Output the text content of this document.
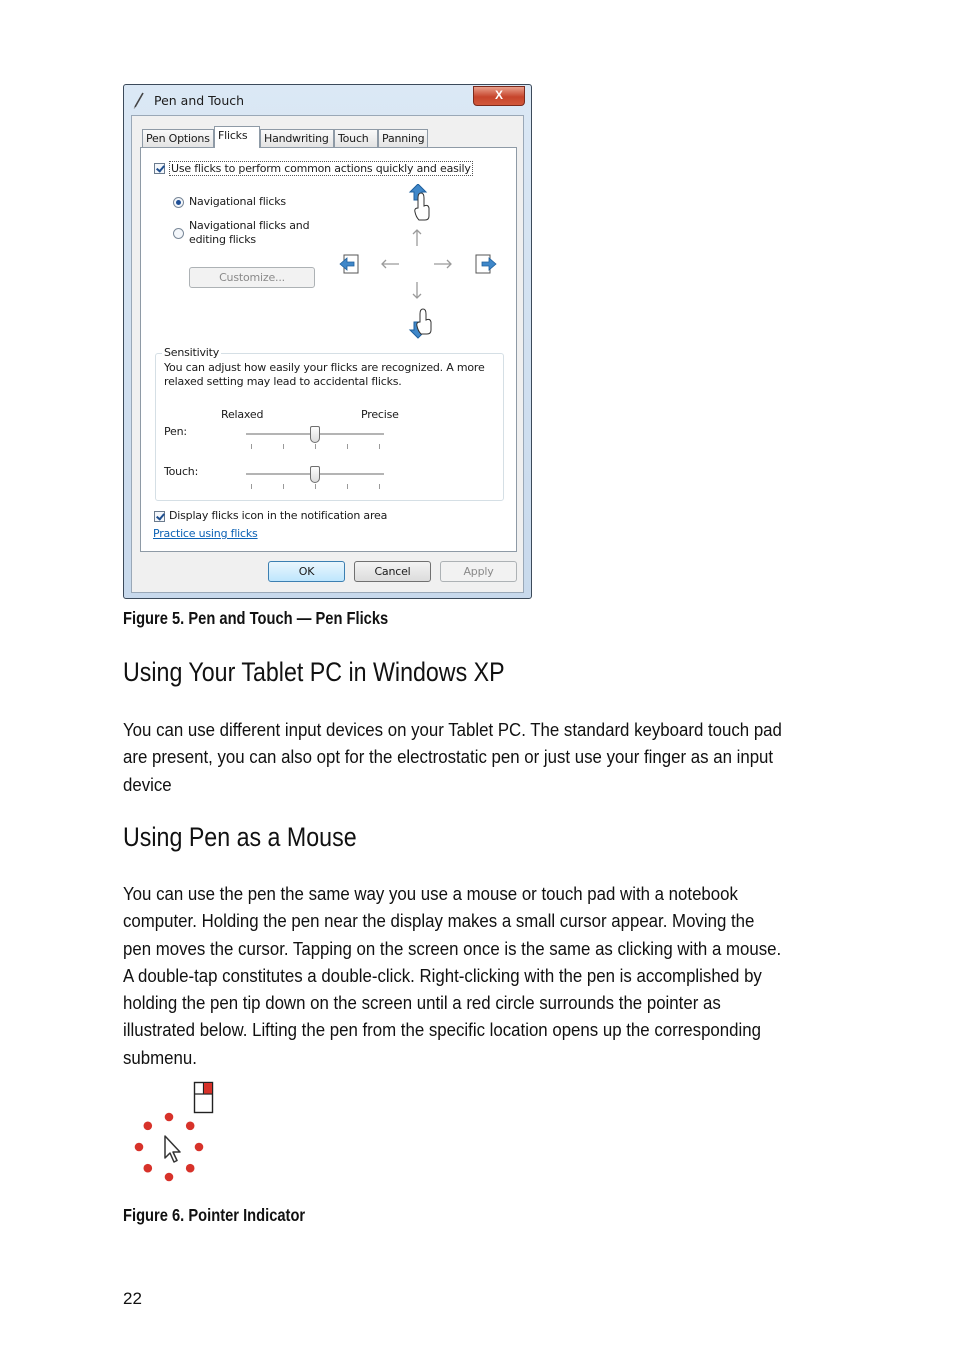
Pen and Touch	X
Pen Options Flicks	Handwriting Touch	Panning
Use flicks to perform common actions quickly and easily
Navigational flicks
Navigational flicks and
editing flicks
Customize...
Sensitivity
You can adjust how easily your flicks are recognized. A more
relaxed setting may lead to accidental flicks.
Relaxed	Precise
Pen:
Touch:
Display flicks icon in the notification area
Practice using flicks
OK	Cancel	Apply
Figure 5. Pen and Touch — Pen Flicks
Using Your Tablet PC in Windows XP
You can use different input devices on your Tablet PC. The standard keyboard touch pad
are present, you can also opt for the electrostatic pen or just use your finger as an input
device
Using Pen as a Mouse
You can use the pen the same way you use a mouse or touch pad with a notebook
computer. Holding the pen near the display makes a small cursor appear. Moving the
pen moves the cursor. Tapping on the screen once is the same as clicking with a mouse.
A double-tap constitutes a double-click. Right-clicking with the pen is accomplished by
holding the pen tip down on the screen until a red circle surrounds the pointer as
illustrated below. Lifting the pen from the specific location opens up the corresponding
submenu.
Figure 6. Pointer Indicator
22
